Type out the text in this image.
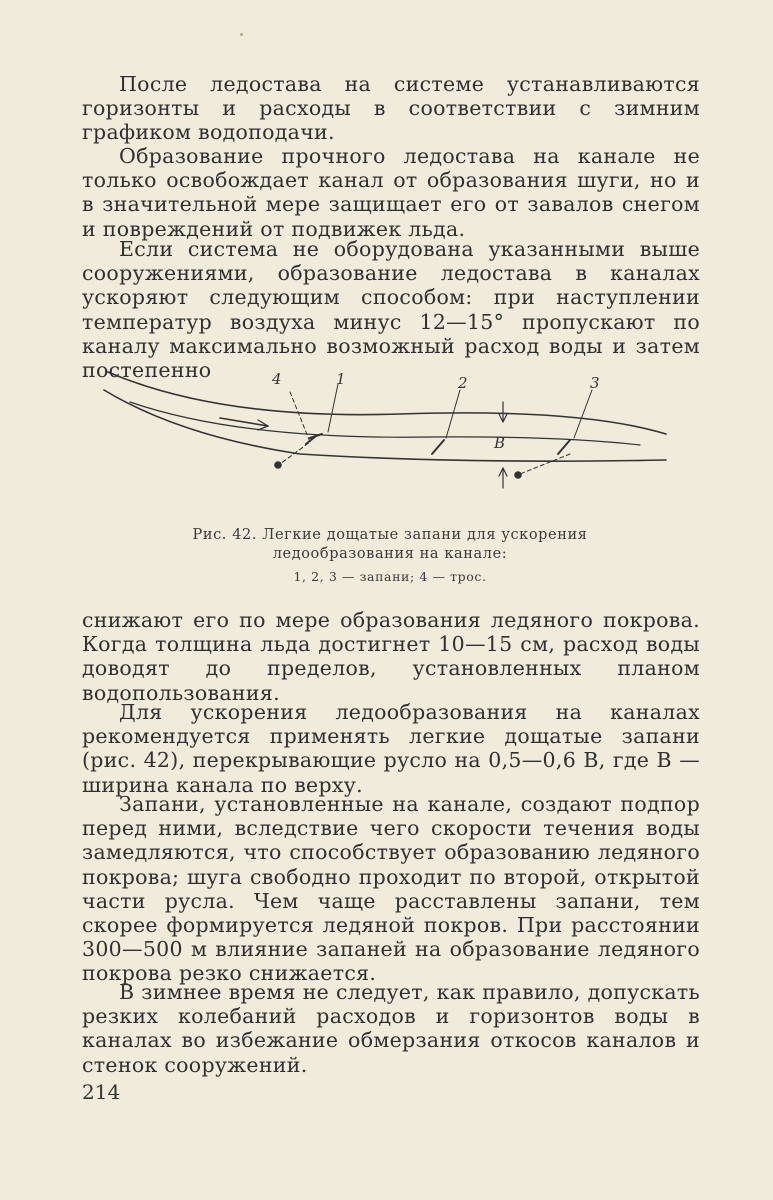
После ледостава на системе устанавливаются горизонты и расходы в соответствии с зимним графиком водоподачи.

Образование прочного ледостава на канале не только освобождает канал от образования шуги, но и в значительной мере защищает его от завалов снегом и повреждений от подвижек льда.

Если система не оборудована указанными выше сооружениями, образование ледостава в каналах ускоряют следующим способом: при наступлении температур воздуха минус 12—15° пропускают по каналу максимально возможный расход воды и затем постепенно	4	1	2	3
B

Рис. 42. Легкие дощатые запани для ускорения ледообразования на канале:

1, 2, 3 — запани; 4 — трос.

снижают его по мере образования ледяного покрова. Когда толщина льда достигнет 10—15 см, расход воды доводят до пределов, установленных планом водопользования.

Для ускорения ледообразования на каналах рекомендуется применять легкие дощатые запани (рис. 42), перекрывающие русло на 0,5—0,6 B, где B — ширина канала по верху.

Запани, установленные на канале, создают подпор перед ними, вследствие чего скорости течения воды замедляются, что способствует образованию ледяного покрова; шуга свободно проходит по второй, открытой части русла. Чем чаще расставлены запани, тем скорее формируется ледяной покров. При расстоянии 300—500 м влияние запаней на образование ледяного покрова резко снижается.

В зимнее время не следует, как правило, допускать резких колебаний расходов и горизонтов воды в каналах во избежание обмерзания откосов каналов и стенок сооружений.

214
